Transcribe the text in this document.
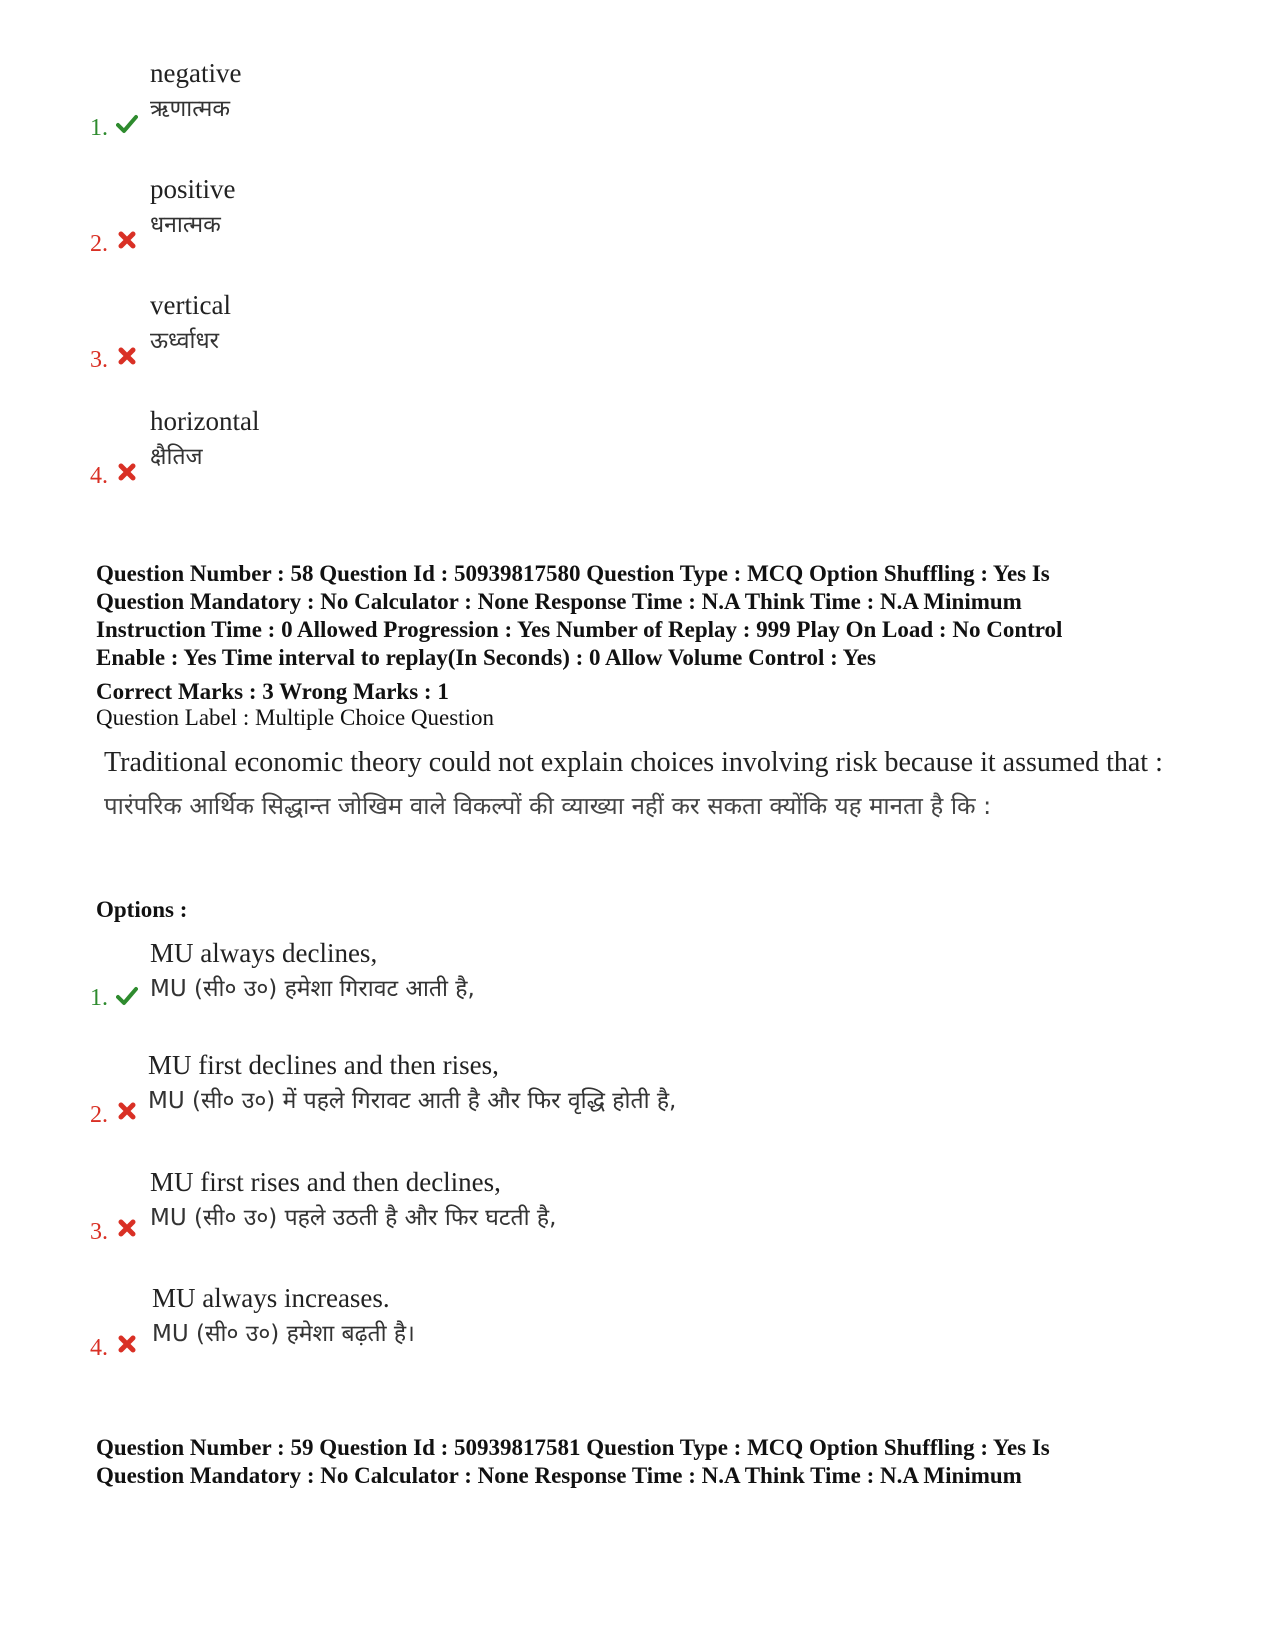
1.
negative
ऋणात्मक
2.
positive
धनात्मक
3.
vertical
ऊर्ध्वाधर
4.
horizontal
क्षैतिज

Question Number : 58 Question Id : 50939817580 Question Type : MCQ Option Shuffling : Yes Is

Question Mandatory : No Calculator : None Response Time : N.A Think Time : N.A Minimum

Instruction Time : 0 Allowed Progression : Yes Number of Replay : 999 Play On Load : No Control

Enable : Yes Time interval to replay(In Seconds) : 0 Allow Volume Control : Yes

Correct Marks : 3 Wrong Marks : 1

Question Label : Multiple Choice Question
Traditional economic theory could not explain choices involving risk because it assumed that :
पारंपरिक आर्थिक सिद्धान्त जोखिम वाले विकल्पों की व्याख्या नहीं कर सकता क्योंकि यह मानता है कि :
Options :
1.
MU always declines,
MU (सी० उ०) हमेशा गिरावट आती है,
2.
MU first declines and then rises,
MU (सी० उ०) में पहले गिरावट आती है और फिर वृद्धि होती है,
3.
MU first rises and then declines,
MU (सी० उ०) पहले उठती है और फिर घटती है,
4.
MU always increases.
MU (सी० उ०) हमेशा बढ़ती है।

Question Number : 59 Question Id : 50939817581 Question Type : MCQ Option Shuffling : Yes Is

Question Mandatory : No Calculator : None Response Time : N.A Think Time : N.A Minimum
